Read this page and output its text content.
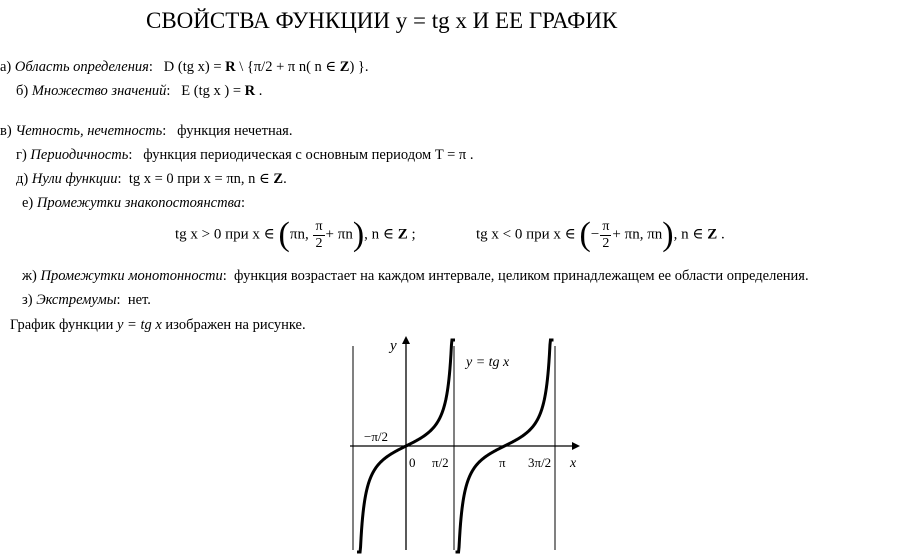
СВОЙСТВА ФУНКЦИИ y = tg x И ЕЕ ГРАФИК
а) Область определения: D (tg x) = R \ {π/2 + π n( n ∈ Z) }.
б) Множество значений: E (tg x ) = R .
в) Четность, нечетность: функция нечетная.
г) Периодичность: функция периодическая с основным периодом T = π .
д) Нули функции: tg x = 0 при x = πn, n ∈ Z.
е) Промежутки знакопостоянства:
tg x > 0 при x ∈ (πn, $\frac{\pi}{2} + \pi n$), n ∈ Z ;	tg x < 0 при x ∈ (− $\frac{\pi}{2} + \pi n$, πn), n ∈ Z .
ж) Промежутки монотонности: функция возрастает на каждом интервале, целиком принадлежащем ее области определения.
з) Экстремумы: нет.
График функции y = tg x изображен на рисунке.
y
y = tg x
−π/2
0 π/2	π 3π/2 x
